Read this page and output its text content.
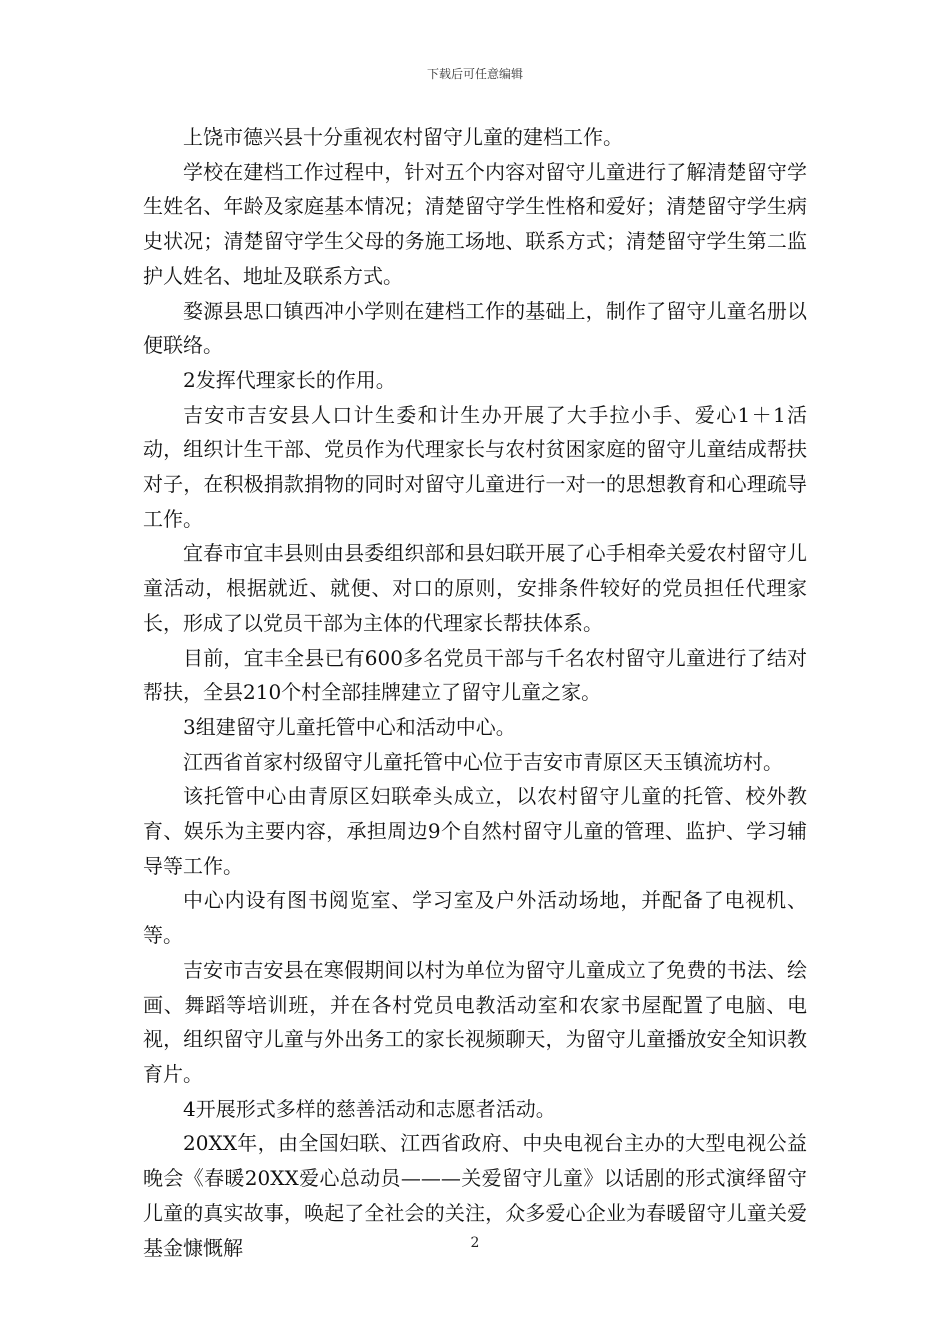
下载后可任意编辑

上饶市德兴县十分重视农村留守儿童的建档工作。

学校在建档工作过程中，针对五个内容对留守儿童进行了解清楚留守学生姓名、年龄及家庭基本情况；清楚留守学生性格和爱好；清楚留守学生病史状况；清楚留守学生父母的务施工场地、联系方式；清楚留守学生第二监护人姓名、地址及联系方式。

婺源县思口镇西冲小学则在建档工作的基础上，制作了留守儿童名册以便联络。

2发挥代理家长的作用。

吉安市吉安县人口计生委和计生办开展了大手拉小手、爱心1＋1活动，组织计生干部、党员作为代理家长与农村贫困家庭的留守儿童结成帮扶对子，在积极捐款捐物的同时对留守儿童进行一对一的思想教育和心理疏导工作。

宜春市宜丰县则由县委组织部和县妇联开展了心手相牵关爱农村留守儿童活动，根据就近、就便、对口的原则，安排条件较好的党员担任代理家长，形成了以党员干部为主体的代理家长帮扶体系。

目前，宜丰全县已有600多名党员干部与千名农村留守儿童进行了结对帮扶，全县210个村全部挂牌建立了留守儿童之家。

3组建留守儿童托管中心和活动中心。

江西省首家村级留守儿童托管中心位于吉安市青原区天玉镇流坊村。

该托管中心由青原区妇联牵头成立，以农村留守儿童的托管、校外教育、娱乐为主要内容，承担周边9个自然村留守儿童的管理、监护、学习辅导等工作。

中心内设有图书阅览室、学习室及户外活动场地，并配备了电视机、等。

吉安市吉安县在寒假期间以村为单位为留守儿童成立了免费的书法、绘画、舞蹈等培训班，并在各村党员电教活动室和农家书屋配置了电脑、电视，组织留守儿童与外出务工的家长视频聊天，为留守儿童播放安全知识教育片。

4开展形式多样的慈善活动和志愿者活动。

20XX年，由全国妇联、江西省政府、中央电视台主办的大型电视公益晚会《春暖20XX爱心总动员———关爱留守儿童》以话剧的形式演绎留守儿童的真实故事，唤起了全社会的关注，众多爱心企业为春暖留守儿童关爱基金慷慨解	2
